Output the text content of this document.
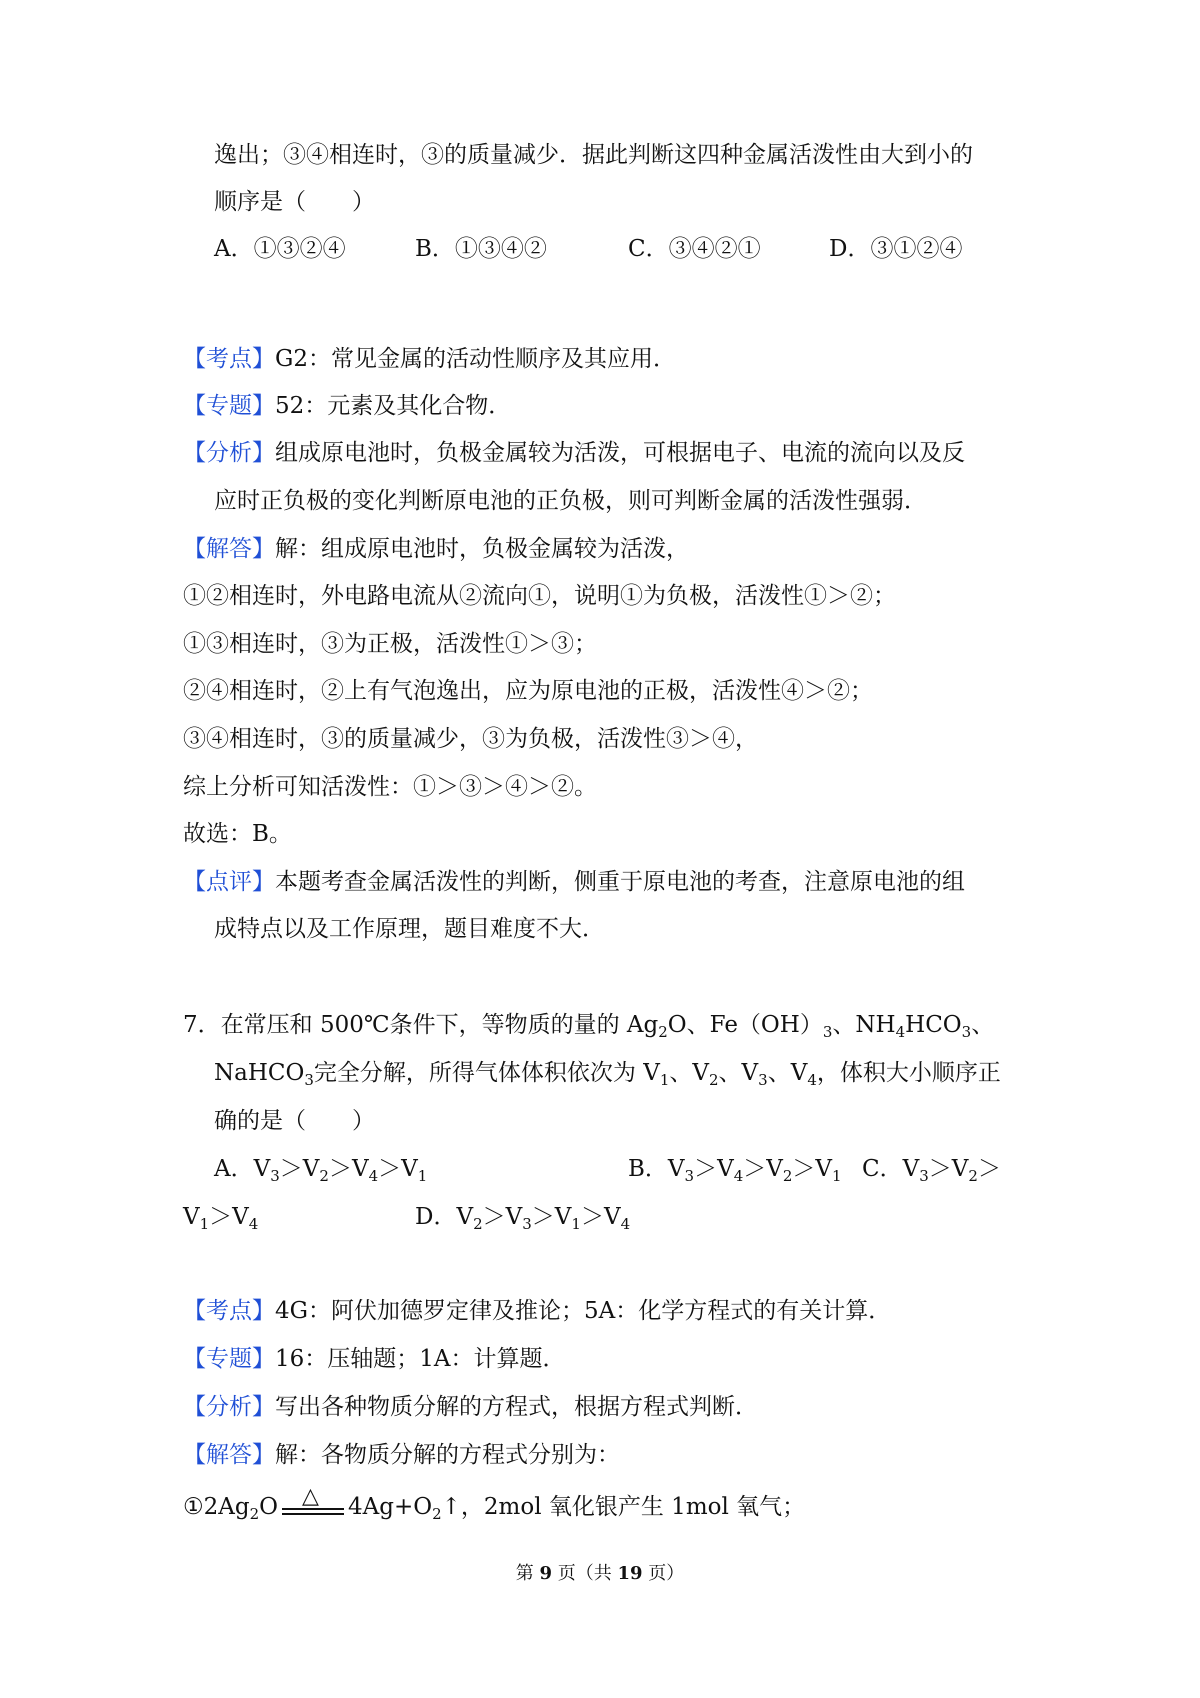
逸出；③④相连时，③的质量减少．据此判断这四种金属活泼性由大到小的
顺序是（　　）
A．①③②④	B．①③④②	C．③④②①	D．③①②④
【考点】G2：常见金属的活动性顺序及其应用．
【专题】52：元素及其化合物．
【分析】组成原电池时，负极金属较为活泼，可根据电子、电流的流向以及反
应时正负极的变化判断原电池的正负极，则可判断金属的活泼性强弱．
【解答】解：组成原电池时，负极金属较为活泼，
①②相连时，外电路电流从②流向①，说明①为负极，活泼性①＞②；
①③相连时，③为正极，活泼性①＞③；
②④相连时，②上有气泡逸出，应为原电池的正极，活泼性④＞②；
③④相连时，③的质量减少，③为负极，活泼性③＞④，
综上分析可知活泼性：①＞③＞④＞②。
故选：B。
【点评】本题考查金属活泼性的判断，侧重于原电池的考查，注意原电池的组
成特点以及工作原理，题目难度不大．
7．在常压和 500℃条件下，等物质的量的 $Ag_2O$、$Fe(OH)_3$、$NH_4HCO_3$、
NaHCO$_3$完全分解，所得气体体积依次为 $V_1$、$V_2$、$V_3$、$V_4$，体积大小顺序正
确的是（　　）
A．$V_3>V_2>V_4>V_1$	B．$V_3>V_4>V_2>V_1$ C．$V_3>V_2>$
$V_1>V_4$	D．$V_2>V_3>V_1>V_4$
【考点】4G：阿伏加德罗定律及推论；5A：化学方程式的有关计算．
【专题】16：压轴题；1A：计算题．
【分析】写出各种物质分解的方程式，根据方程式判断．
【解答】解：各物质分解的方程式分别为：
$①2Ag_2O$ △ $4Ag+O_2↑$，2mol 氧化银产生 1mol 氧气；
第 9 页（共 19 页）
